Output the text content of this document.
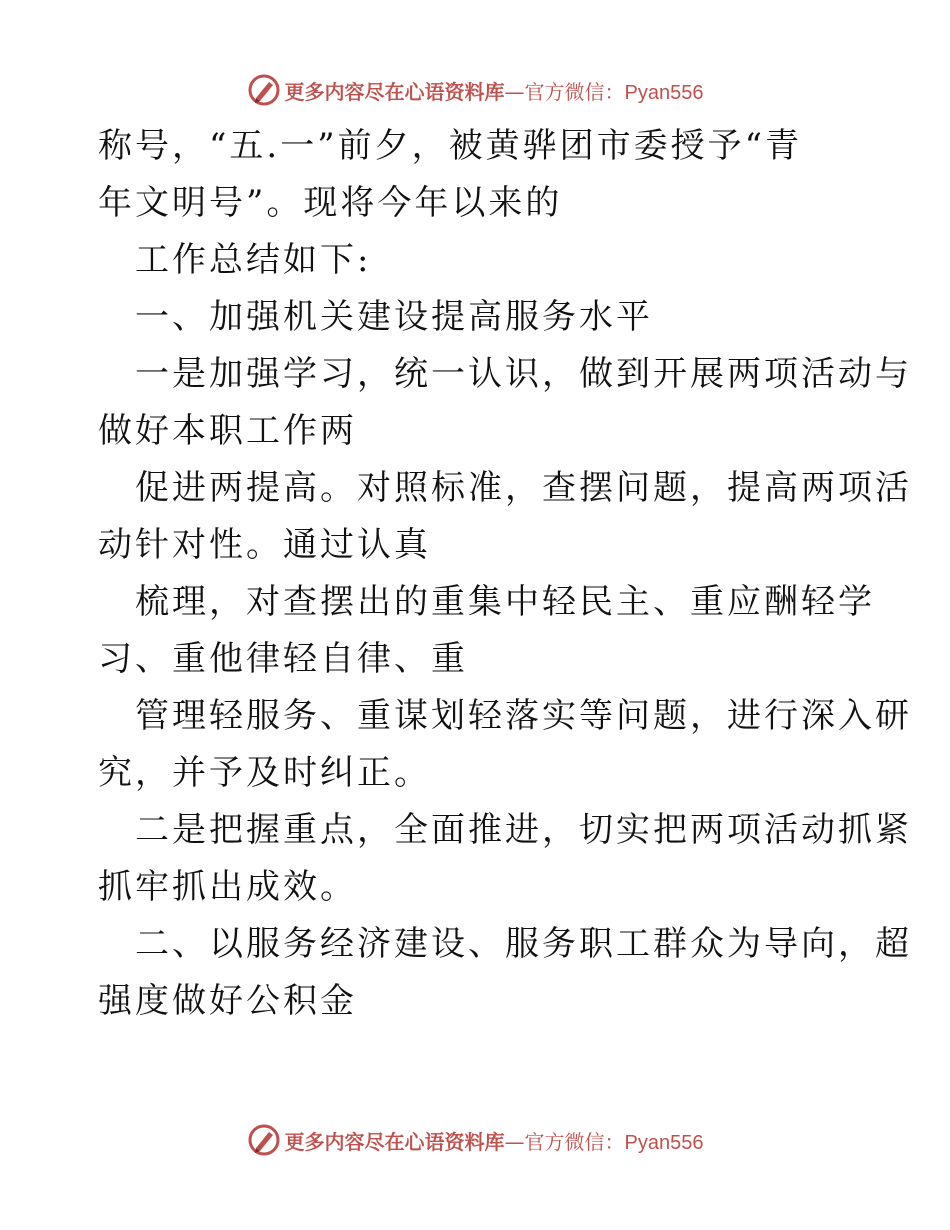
更多内容尽在心语资料库—官方微信：Pyan556

称号，“五.一”前夕，被黄骅团市委授予“青
年文明号”。现将今年以来的

工作总结如下:

一、加强机关建设提高服务水平

一是加强学习，统一认识，做到开展两项活动与
做好本职工作两

促进两提高。对照标准，查摆问题，提高两项活
动针对性。通过认真

梳理，对查摆出的重集中轻民主、重应酬轻学
习、重他律轻自律、重

管理轻服务、重谋划轻落实等问题，进行深入研
究，并予及时纠正。

二是把握重点，全面推进，切实把两项活动抓紧
抓牢抓出成效。

二、以服务经济建设、服务职工群众为导向，超
强度做好公积金

更多内容尽在心语资料库—官方微信：Pyan556
